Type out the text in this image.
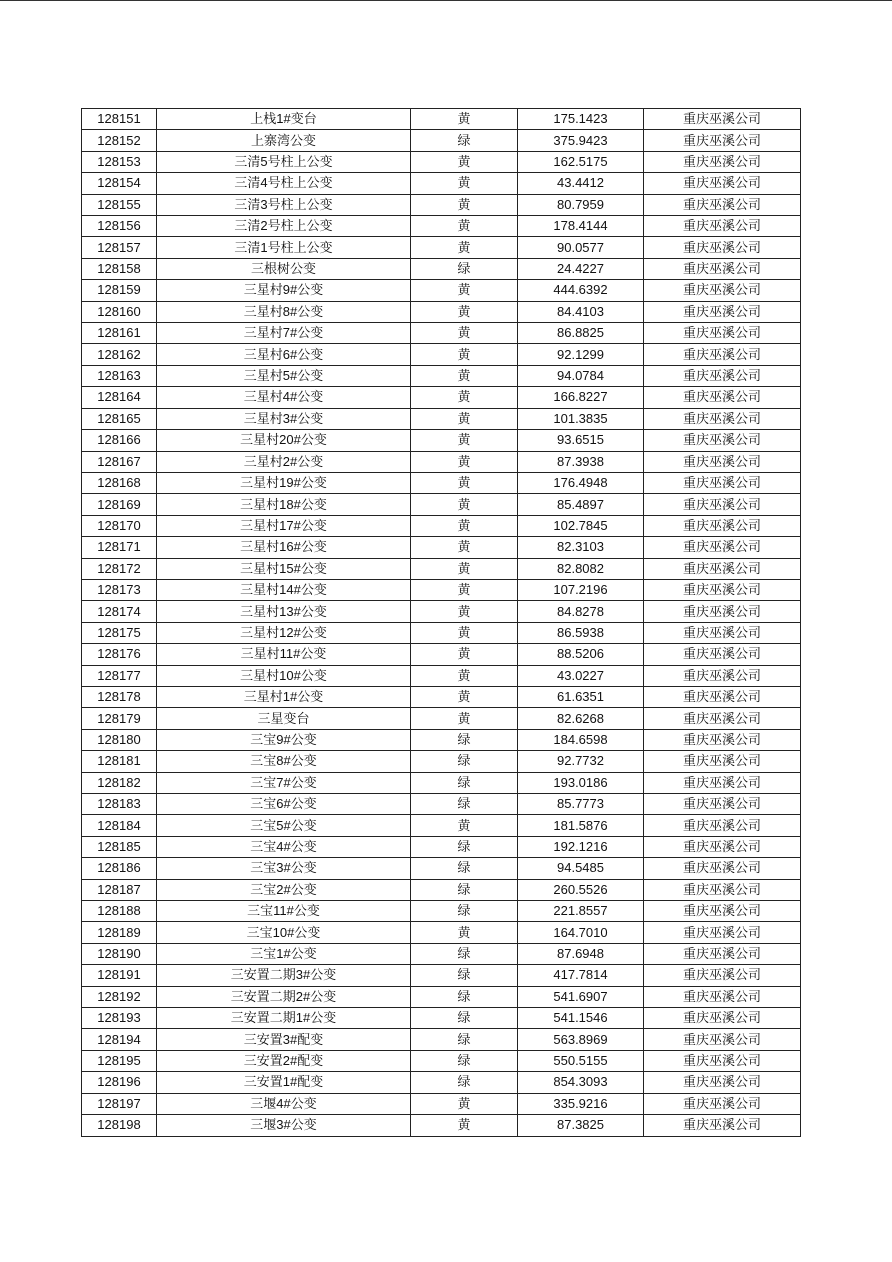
128151	上栈1#变台	黄	175.1423	重庆巫溪公司
128152	上寨湾公变	绿	375.9423	重庆巫溪公司
128153	三清5号柱上公变	黄	162.5175	重庆巫溪公司
128154	三清4号柱上公变	黄	43.4412	重庆巫溪公司
128155	三清3号柱上公变	黄	80.7959	重庆巫溪公司
128156	三清2号柱上公变	黄	178.4144	重庆巫溪公司
128157	三清1号柱上公变	黄	90.0577	重庆巫溪公司
128158	三根树公变	绿	24.4227	重庆巫溪公司
128159	三星村9#公变	黄	444.6392	重庆巫溪公司
128160	三星村8#公变	黄	84.4103	重庆巫溪公司
128161	三星村7#公变	黄	86.8825	重庆巫溪公司
128162	三星村6#公变	黄	92.1299	重庆巫溪公司
128163	三星村5#公变	黄	94.0784	重庆巫溪公司
128164	三星村4#公变	黄	166.8227	重庆巫溪公司
128165	三星村3#公变	黄	101.3835	重庆巫溪公司
128166	三星村20#公变	黄	93.6515	重庆巫溪公司
128167	三星村2#公变	黄	87.3938	重庆巫溪公司
128168	三星村19#公变	黄	176.4948	重庆巫溪公司
128169	三星村18#公变	黄	85.4897	重庆巫溪公司
128170	三星村17#公变	黄	102.7845	重庆巫溪公司
128171	三星村16#公变	黄	82.3103	重庆巫溪公司
128172	三星村15#公变	黄	82.8082	重庆巫溪公司
128173	三星村14#公变	黄	107.2196	重庆巫溪公司
128174	三星村13#公变	黄	84.8278	重庆巫溪公司
128175	三星村12#公变	黄	86.5938	重庆巫溪公司
128176	三星村11#公变	黄	88.5206	重庆巫溪公司
128177	三星村10#公变	黄	43.0227	重庆巫溪公司
128178	三星村1#公变	黄	61.6351	重庆巫溪公司
128179	三星变台	黄	82.6268	重庆巫溪公司
128180	三宝9#公变	绿	184.6598	重庆巫溪公司
128181	三宝8#公变	绿	92.7732	重庆巫溪公司
128182	三宝7#公变	绿	193.0186	重庆巫溪公司
128183	三宝6#公变	绿	85.7773	重庆巫溪公司
128184	三宝5#公变	黄	181.5876	重庆巫溪公司
128185	三宝4#公变	绿	192.1216	重庆巫溪公司
128186	三宝3#公变	绿	94.5485	重庆巫溪公司
128187	三宝2#公变	绿	260.5526	重庆巫溪公司
128188	三宝11#公变	绿	221.8557	重庆巫溪公司
128189	三宝10#公变	黄	164.7010	重庆巫溪公司
128190	三宝1#公变	绿	87.6948	重庆巫溪公司
128191	三安置二期3#公变	绿	417.7814	重庆巫溪公司
128192	三安置二期2#公变	绿	541.6907	重庆巫溪公司
128193	三安置二期1#公变	绿	541.1546	重庆巫溪公司
128194	三安置3#配变	绿	563.8969	重庆巫溪公司
128195	三安置2#配变	绿	550.5155	重庆巫溪公司
128196	三安置1#配变	绿	854.3093	重庆巫溪公司
128197	三堰4#公变	黄	335.9216	重庆巫溪公司
128198	三堰3#公变	黄	87.3825	重庆巫溪公司
